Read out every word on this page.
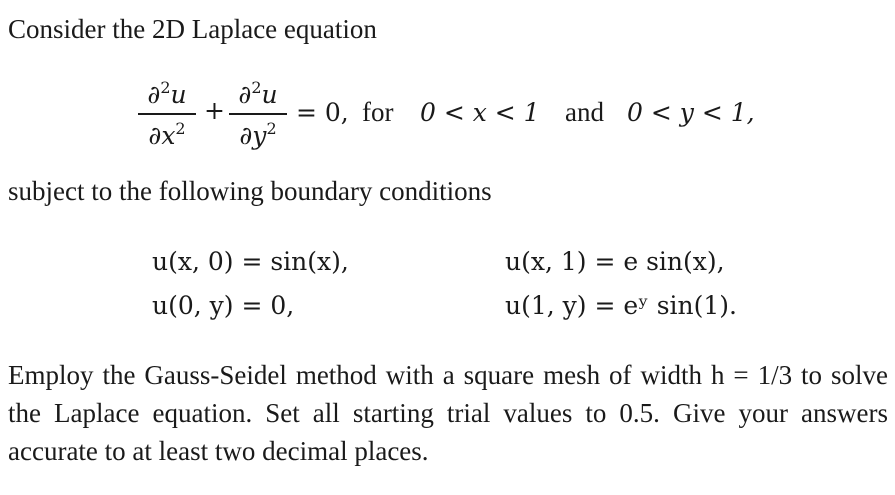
Consider the 2D Laplace equation
∂$^2$u
$\partial x^2$
+
∂$^2$u
$\partial y^2$
= 0, for 0 < x < 1 and 0 < y < 1,
subject to the following boundary conditions
u(x, 0) = sin(x),	u(x, 1) = e sin(x),
u(0, y) = 0,	u(1, y) = eʸ sin(1).
Employ the Gauss-Seidel method with a square mesh of width h = 1/3 to solve the Laplace equation. Set all starting trial values to 0.5. Give your answers accurate to at least two decimal places.
